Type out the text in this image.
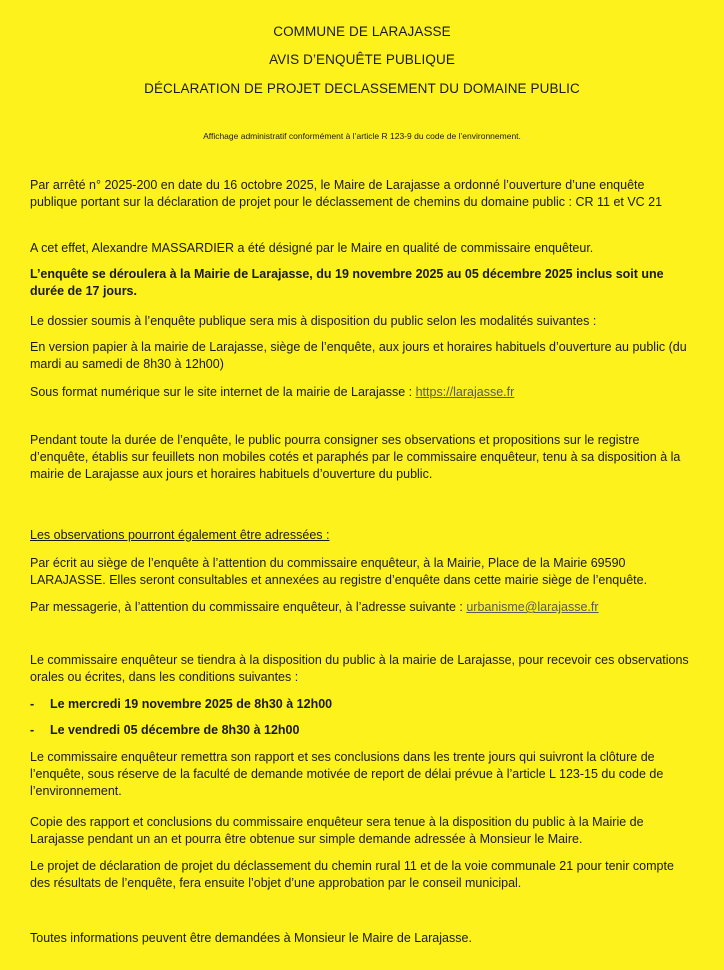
COMMUNE DE LARAJASSE
AVIS D’ENQUÊTE PUBLIQUE
DÉCLARATION DE PROJET DECLASSEMENT DU DOMAINE PUBLIC
Affichage administratif conformément à l’article R 123-9 du code de l’environnement.
Par arrêté n° 2025-200 en date du 16 octobre 2025, le Maire de Larajasse a ordonné l’ouverture d’une enquête publique portant sur la déclaration de projet pour le déclassement de chemins du domaine public : CR 11 et VC 21
A cet effet, Alexandre MASSARDIER a été désigné par le Maire en qualité de commissaire enquêteur.
L’enquête se déroulera à la Mairie de Larajasse, du 19 novembre 2025 au 05 décembre 2025 inclus soit une durée de 17 jours.
Le dossier soumis à l’enquête publique sera mis à disposition du public selon les modalités suivantes :
En version papier à la mairie de Larajasse, siège de l’enquête, aux jours et horaires habituels d’ouverture au public (du mardi au samedi de 8h30 à 12h00)
Sous format numérique sur le site internet de la mairie de Larajasse : https://larajasse.fr
Pendant toute la durée de l’enquête, le public pourra consigner ses observations et propositions sur le registre d’enquête, établis sur feuillets non mobiles cotés et paraphés par le commissaire enquêteur, tenu à sa disposition à la mairie de Larajasse aux jours et horaires habituels d’ouverture du public.
Les observations pourront également être adressées :
Par écrit au siège de l’enquête à l’attention du commissaire enquêteur, à la Mairie, Place de la Mairie 69590 LARAJASSE. Elles seront consultables et annexées au registre d’enquête dans cette mairie siège de l’enquête.
Par messagerie, à l’attention du commissaire enquêteur, à l’adresse suivante : urbanisme@larajasse.fr
Le commissaire enquêteur se tiendra à la disposition du public à la mairie de Larajasse, pour recevoir ces observations orales ou écrites, dans les conditions suivantes :
- Le mercredi 19 novembre 2025 de 8h30 à 12h00
- Le vendredi 05 décembre de 8h30 à 12h00
Le commissaire enquêteur remettra son rapport et ses conclusions dans les trente jours qui suivront la clôture de l’enquête, sous réserve de la faculté de demande motivée de report de délai prévue à l’article L 123-15 du code de l’environnement.
Copie des rapport et conclusions du commissaire enquêteur sera tenue à la disposition du public à la Mairie de Larajasse pendant un an et pourra être obtenue sur simple demande adressée à Monsieur le Maire.
Le projet de déclaration de projet du déclassement du chemin rural 11 et de la voie communale 21 pour tenir compte des résultats de l’enquête, fera ensuite l’objet d’une approbation par le conseil municipal.
Toutes informations peuvent être demandées à Monsieur le Maire de Larajasse.
